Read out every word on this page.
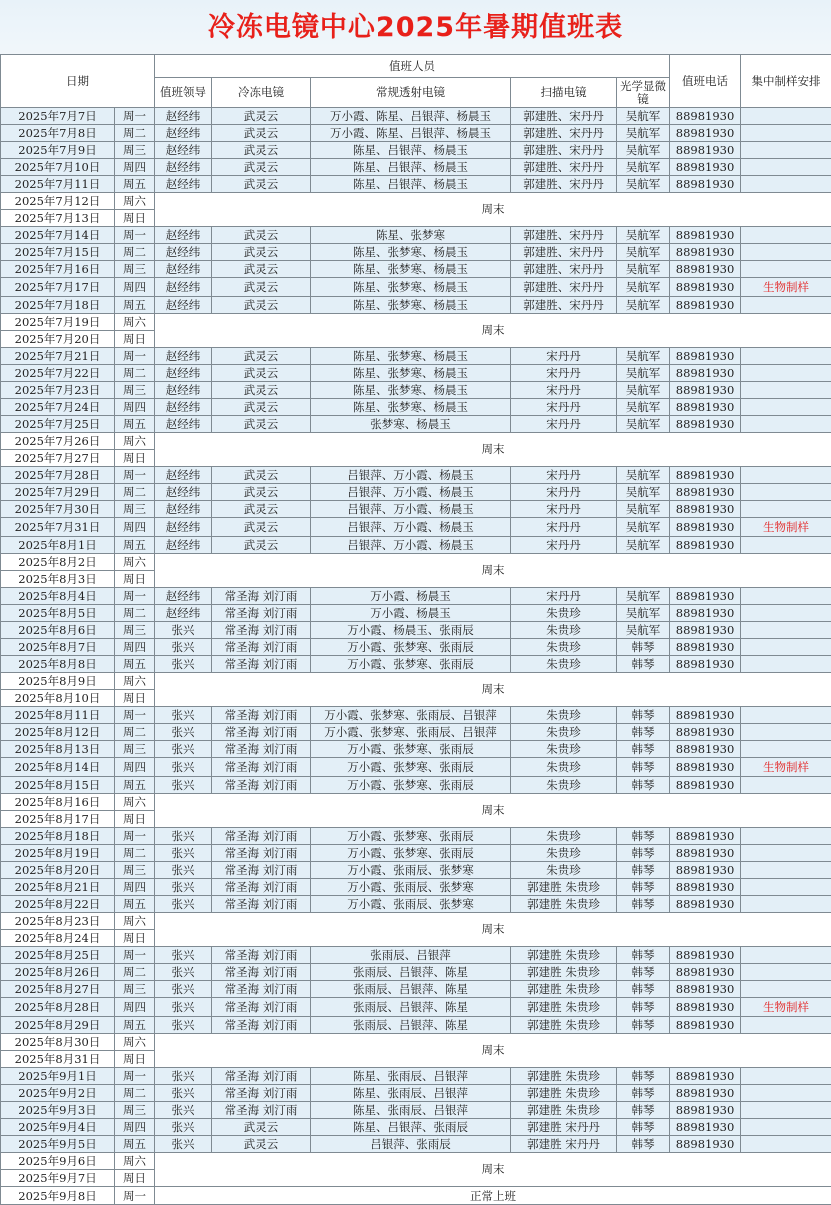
冷冻电镜中心2025年暑期值班表
日期		值班人员					值班电话	集中制样安排
		值班领导	冷冻电镜	常规透射电镜	扫描电镜	光学显微镜		
2025年7月7日	周一	赵经纬	武灵云	万小霞、陈星、吕银萍、杨晨玉	郭建胜、宋丹丹	吴航军	88981930	
2025年7月8日	周二	赵经纬	武灵云	万小霞、陈星、吕银萍、杨晨玉	郭建胜、宋丹丹	吴航军	88981930	
2025年7月9日	周三	赵经纬	武灵云	陈星、吕银萍、杨晨玉	郭建胜、宋丹丹	吴航军	88981930	
2025年7月10日	周四	赵经纬	武灵云	陈星、吕银萍、杨晨玉	郭建胜、宋丹丹	吴航军	88981930	
2025年7月11日	周五	赵经纬	武灵云	陈星、吕银萍、杨晨玉	郭建胜、宋丹丹	吴航军	88981930	
2025年7月12日	周六	周末						
2025年7月13日	周日							
2025年7月14日	周一	赵经纬	武灵云	陈星、张梦寒	郭建胜、宋丹丹	吴航军	88981930	
2025年7月15日	周二	赵经纬	武灵云	陈星、张梦寒、杨晨玉	郭建胜、宋丹丹	吴航军	88981930	
2025年7月16日	周三	赵经纬	武灵云	陈星、张梦寒、杨晨玉	郭建胜、宋丹丹	吴航军	88981930	
2025年7月17日	周四	赵经纬	武灵云	陈星、张梦寒、杨晨玉	郭建胜、宋丹丹	吴航军	88981930	生物制样
2025年7月18日	周五	赵经纬	武灵云	陈星、张梦寒、杨晨玉	郭建胜、宋丹丹	吴航军	88981930	
2025年7月19日	周六	周末						
2025年7月20日	周日							
2025年7月21日	周一	赵经纬	武灵云	陈星、张梦寒、杨晨玉	宋丹丹	吴航军	88981930	
2025年7月22日	周二	赵经纬	武灵云	陈星、张梦寒、杨晨玉	宋丹丹	吴航军	88981930	
2025年7月23日	周三	赵经纬	武灵云	陈星、张梦寒、杨晨玉	宋丹丹	吴航军	88981930	
2025年7月24日	周四	赵经纬	武灵云	陈星、张梦寒、杨晨玉	宋丹丹	吴航军	88981930	
2025年7月25日	周五	赵经纬	武灵云	张梦寒、杨晨玉	宋丹丹	吴航军	88981930	
2025年7月26日	周六	周末						
2025年7月27日	周日							
2025年7月28日	周一	赵经纬	武灵云	吕银萍、万小霞、杨晨玉	宋丹丹	吴航军	88981930	
2025年7月29日	周二	赵经纬	武灵云	吕银萍、万小霞、杨晨玉	宋丹丹	吴航军	88981930	
2025年7月30日	周三	赵经纬	武灵云	吕银萍、万小霞、杨晨玉	宋丹丹	吴航军	88981930	
2025年7月31日	周四	赵经纬	武灵云	吕银萍、万小霞、杨晨玉	宋丹丹	吴航军	88981930	生物制样
2025年8月1日	周五	赵经纬	武灵云	吕银萍、万小霞、杨晨玉	宋丹丹	吴航军	88981930	
2025年8月2日	周六	周末						
2025年8月3日	周日							
2025年8月4日	周一	赵经纬	常圣海 刘汀雨	万小霞、杨晨玉	宋丹丹	吴航军	88981930	
2025年8月5日	周二	赵经纬	常圣海 刘汀雨	万小霞、杨晨玉	朱贵珍	吴航军	88981930	
2025年8月6日	周三	张兴	常圣海 刘汀雨	万小霞、杨晨玉、张雨辰	朱贵珍	吴航军	88981930	
2025年8月7日	周四	张兴	常圣海 刘汀雨	万小霞、张梦寒、张雨辰	朱贵珍	韩琴	88981930	
2025年8月8日	周五	张兴	常圣海 刘汀雨	万小霞、张梦寒、张雨辰	朱贵珍	韩琴	88981930	
2025年8月9日	周六	周末						
2025年8月10日	周日							
2025年8月11日	周一	张兴	常圣海 刘汀雨	万小霞、张梦寒、张雨辰、吕银萍	朱贵珍	韩琴	88981930	
2025年8月12日	周二	张兴	常圣海 刘汀雨	万小霞、张梦寒、张雨辰、吕银萍	朱贵珍	韩琴	88981930	
2025年8月13日	周三	张兴	常圣海 刘汀雨	万小霞、张梦寒、张雨辰	朱贵珍	韩琴	88981930	
2025年8月14日	周四	张兴	常圣海 刘汀雨	万小霞、张梦寒、张雨辰	朱贵珍	韩琴	88981930	生物制样
2025年8月15日	周五	张兴	常圣海 刘汀雨	万小霞、张梦寒、张雨辰	朱贵珍	韩琴	88981930	
2025年8月16日	周六	周末						
2025年8月17日	周日							
2025年8月18日	周一	张兴	常圣海 刘汀雨	万小霞、张梦寒、张雨辰	朱贵珍	韩琴	88981930	
2025年8月19日	周二	张兴	常圣海 刘汀雨	万小霞、张梦寒、张雨辰	朱贵珍	韩琴	88981930	
2025年8月20日	周三	张兴	常圣海 刘汀雨	万小霞、张雨辰、张梦寒	朱贵珍	韩琴	88981930	
2025年8月21日	周四	张兴	常圣海 刘汀雨	万小霞、张雨辰、张梦寒	郭建胜 朱贵珍	韩琴	88981930	
2025年8月22日	周五	张兴	常圣海 刘汀雨	万小霞、张雨辰、张梦寒	郭建胜 朱贵珍	韩琴	88981930	
2025年8月23日	周六	周末						
2025年8月24日	周日							
2025年8月25日	周一	张兴	常圣海 刘汀雨	张雨辰、吕银萍	郭建胜 朱贵珍	韩琴	88981930	
2025年8月26日	周二	张兴	常圣海 刘汀雨	张雨辰、吕银萍、陈星	郭建胜 朱贵珍	韩琴	88981930	
2025年8月27日	周三	张兴	常圣海 刘汀雨	张雨辰、吕银萍、陈星	郭建胜 朱贵珍	韩琴	88981930	
2025年8月28日	周四	张兴	常圣海 刘汀雨	张雨辰、吕银萍、陈星	郭建胜 朱贵珍	韩琴	88981930	生物制样
2025年8月29日	周五	张兴	常圣海 刘汀雨	张雨辰、吕银萍、陈星	郭建胜 朱贵珍	韩琴	88981930	
2025年8月30日	周六	周末						
2025年8月31日	周日							
2025年9月1日	周一	张兴	常圣海 刘汀雨	陈星、张雨辰、吕银萍	郭建胜 朱贵珍	韩琴	88981930	
2025年9月2日	周二	张兴	常圣海 刘汀雨	陈星、张雨辰、吕银萍	郭建胜 朱贵珍	韩琴	88981930	
2025年9月3日	周三	张兴	常圣海 刘汀雨	陈星、张雨辰、吕银萍	郭建胜 朱贵珍	韩琴	88981930	
2025年9月4日	周四	张兴	武灵云	陈星、吕银萍、张雨辰	郭建胜 宋丹丹	韩琴	88981930	
2025年9月5日	周五	张兴	武灵云	吕银萍、张雨辰	郭建胜 宋丹丹	韩琴	88981930	
2025年9月6日	周六	周末						
2025年9月7日	周日							
2025年9月8日	周一	正常上班						
